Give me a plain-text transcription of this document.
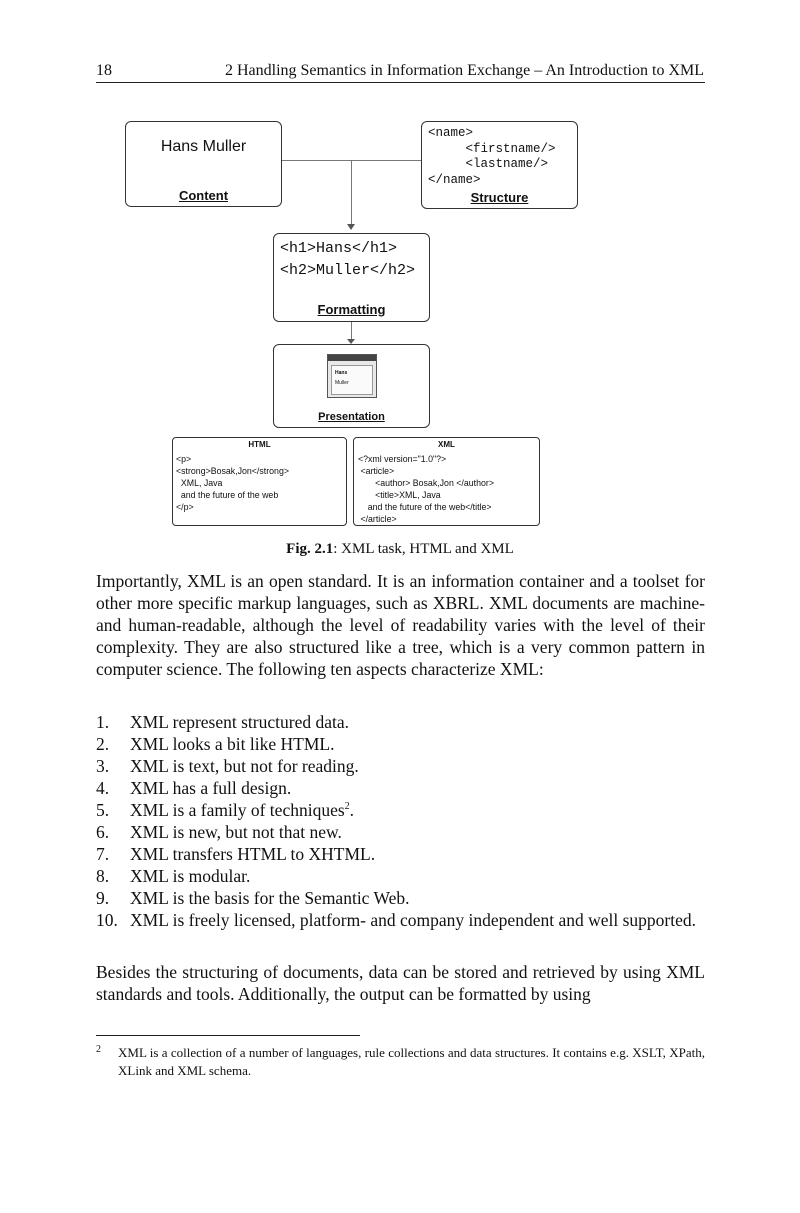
18	2 Handling Semantics in Information Exchange – An Introduction to XML
Hans Muller
Content
<name>
<firstname/>
<lastname/>
</name>
Structure
<h1>Hans</h1>
<h2>Muller</h2>
Formatting
Hans
Muller
Presentation
HTML
<p>
<strong>Bosak,Jon</strong>
XML, Java
and the future of the web
</p>
XML
<?xml version="1.0"?>
<article>
<author> Bosak,Jon </author>
<title>XML, Java
and the future of the web</title>
</article>
Fig. 2.1: XML task, HTML and XML
Importantly, XML is an open standard. It is an information container and a toolset for other more specific markup languages, such as XBRL. XML documents are machine- and human-readable, although the level of readability varies with the level of their complexity. They are also structured like a tree, which is a very common pattern in computer science. The following ten aspects characterize XML:
1. XML represent structured data.
2. XML looks a bit like HTML.
3. XML is text, but not for reading.
4. XML has a full design.
5. XML is a family of techniques$^2$.
6. XML is new, but not that new.
7. XML transfers HTML to XHTML.
8. XML is modular.
9. XML is the basis for the Semantic Web.
10. XML is freely licensed, platform- and company independent and well supported.
Besides the structuring of documents, data can be stored and retrieved by using XML standards and tools. Additionally, the output can be formatted by using
2	XML is a collection of a number of languages, rule collections and data structures. It contains e.g. XSLT, XPath, XLink and XML schema.
